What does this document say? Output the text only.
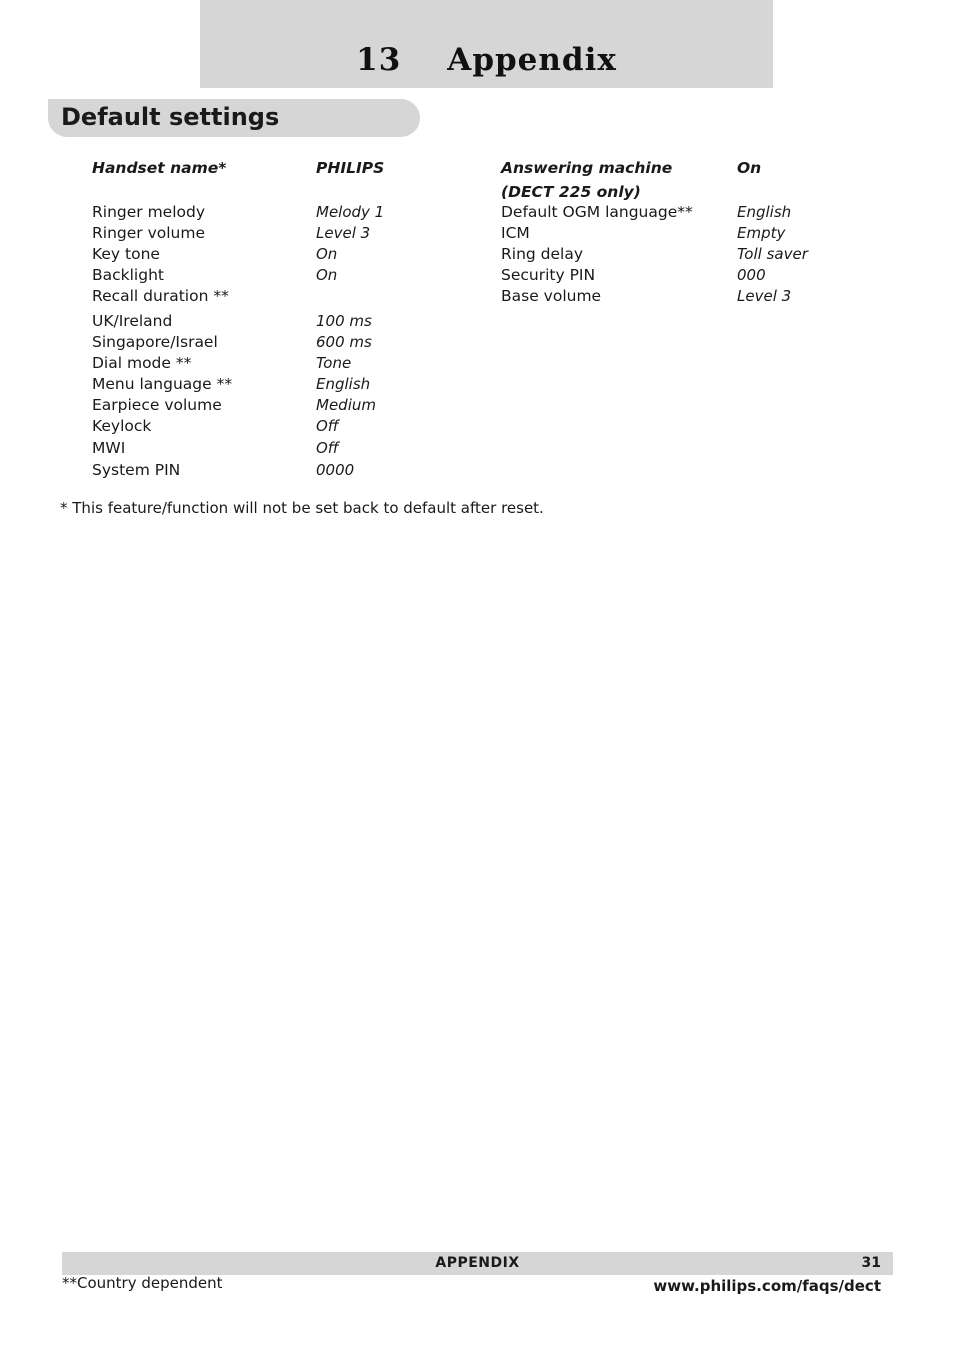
13 Appendix
Default settings
Handset name*	PHILIPS
Ringer melody	Melody 1
Ringer volume	Level 3
Key tone	On
Backlight	On
Recall duration **
UK/Ireland	100 ms
Singapore/Israel	600 ms
Dial mode **	Tone
Menu language **	English
Earpiece volume	Medium
Keylock	Off
MWI	Off
System PIN	0000
Answering machine	On
(DECT 225 only)
Default OGM language**	English
ICM	Empty
Ring delay	Toll saver
Security PIN	000
Base volume	Level 3
* This feature/function will not be set back to default after reset.
APPENDIX	31
**Country dependent	www.philips.com/faqs/dect
